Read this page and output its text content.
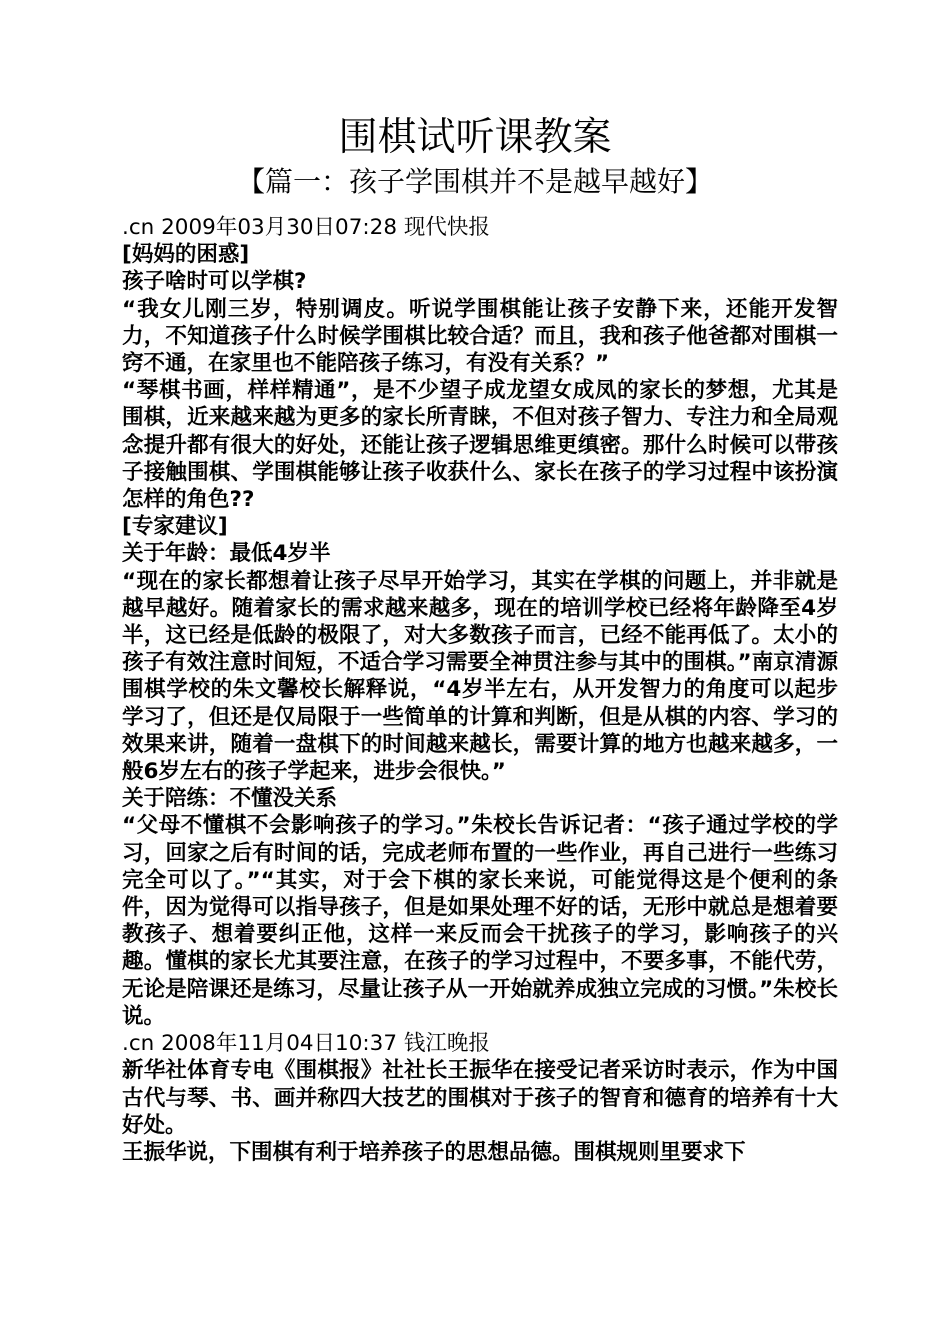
围棋试听课教案
【篇一：孩子学围棋并不是越早越好】

.cn 2009年03月30日07:28 现代快报

[妈妈的困惑]

孩子啥时可以学棋?

“我女儿刚三岁，特别调皮。听说学围棋能让孩子安静下来，还能开发智力，不知道孩子什么时候学围棋比较合适？而且，我和孩子他爸都对围棋一窍不通，在家里也不能陪孩子练习，有没有关系？”

“琴棋书画，样样精通”，是不少望子成龙望女成凤的家长的梦想，尤其是围棋，近来越来越为更多的家长所青睐，不但对孩子智力、专注力和全局观念提升都有很大的好处，还能让孩子逻辑思维更缜密。那什么时候可以带孩子接触围棋、学围棋能够让孩子收获什么、家长在孩子的学习过程中该扮演怎样的角色??

[专家建议]

关于年龄：最低4岁半

“现在的家长都想着让孩子尽早开始学习，其实在学棋的问题上，并非就是越早越好。随着家长的需求越来越多，现在的培训学校已经将年龄降至4岁半，这已经是低龄的极限了，对大多数孩子而言，已经不能再低了。太小的孩子有效注意时间短，不适合学习需要全神贯注参与其中的围棋。”南京清源围棋学校的朱文馨校长解释说，“4岁半左右，从开发智力的角度可以起步学习了，但还是仅局限于一些简单的计算和判断，但是从棋的内容、学习的效果来讲，随着一盘棋下的时间越来越长，需要计算的地方也越来越多，一般6岁左右的孩子学起来，进步会很快。”

关于陪练：不懂没关系

“父母不懂棋不会影响孩子的学习。”朱校长告诉记者：“孩子通过学校的学习，回家之后有时间的话，完成老师布置的一些作业，再自己进行一些练习完全可以了。”“其实，对于会下棋的家长来说，可能觉得这是个便利的条件，因为觉得可以指导孩子，但是如果处理不好的话，无形中就总是想着要教孩子、想着要纠正他，这样一来反而会干扰孩子的学习，影响孩子的兴趣。懂棋的家长尤其要注意，在孩子的学习过程中，不要多事，不能代劳，无论是陪课还是练习，尽量让孩子从一开始就养成独立完成的习惯。”朱校长说。

.cn 2008年11月04日10:37 钱江晚报

新华社体育专电《围棋报》社社长王振华在接受记者采访时表示，作为中国古代与琴、书、画并称四大技艺的围棋对于孩子的智育和德育的培养有十大好处。

王振华说，下围棋有利于培养孩子的思想品德。围棋规则里要求下
